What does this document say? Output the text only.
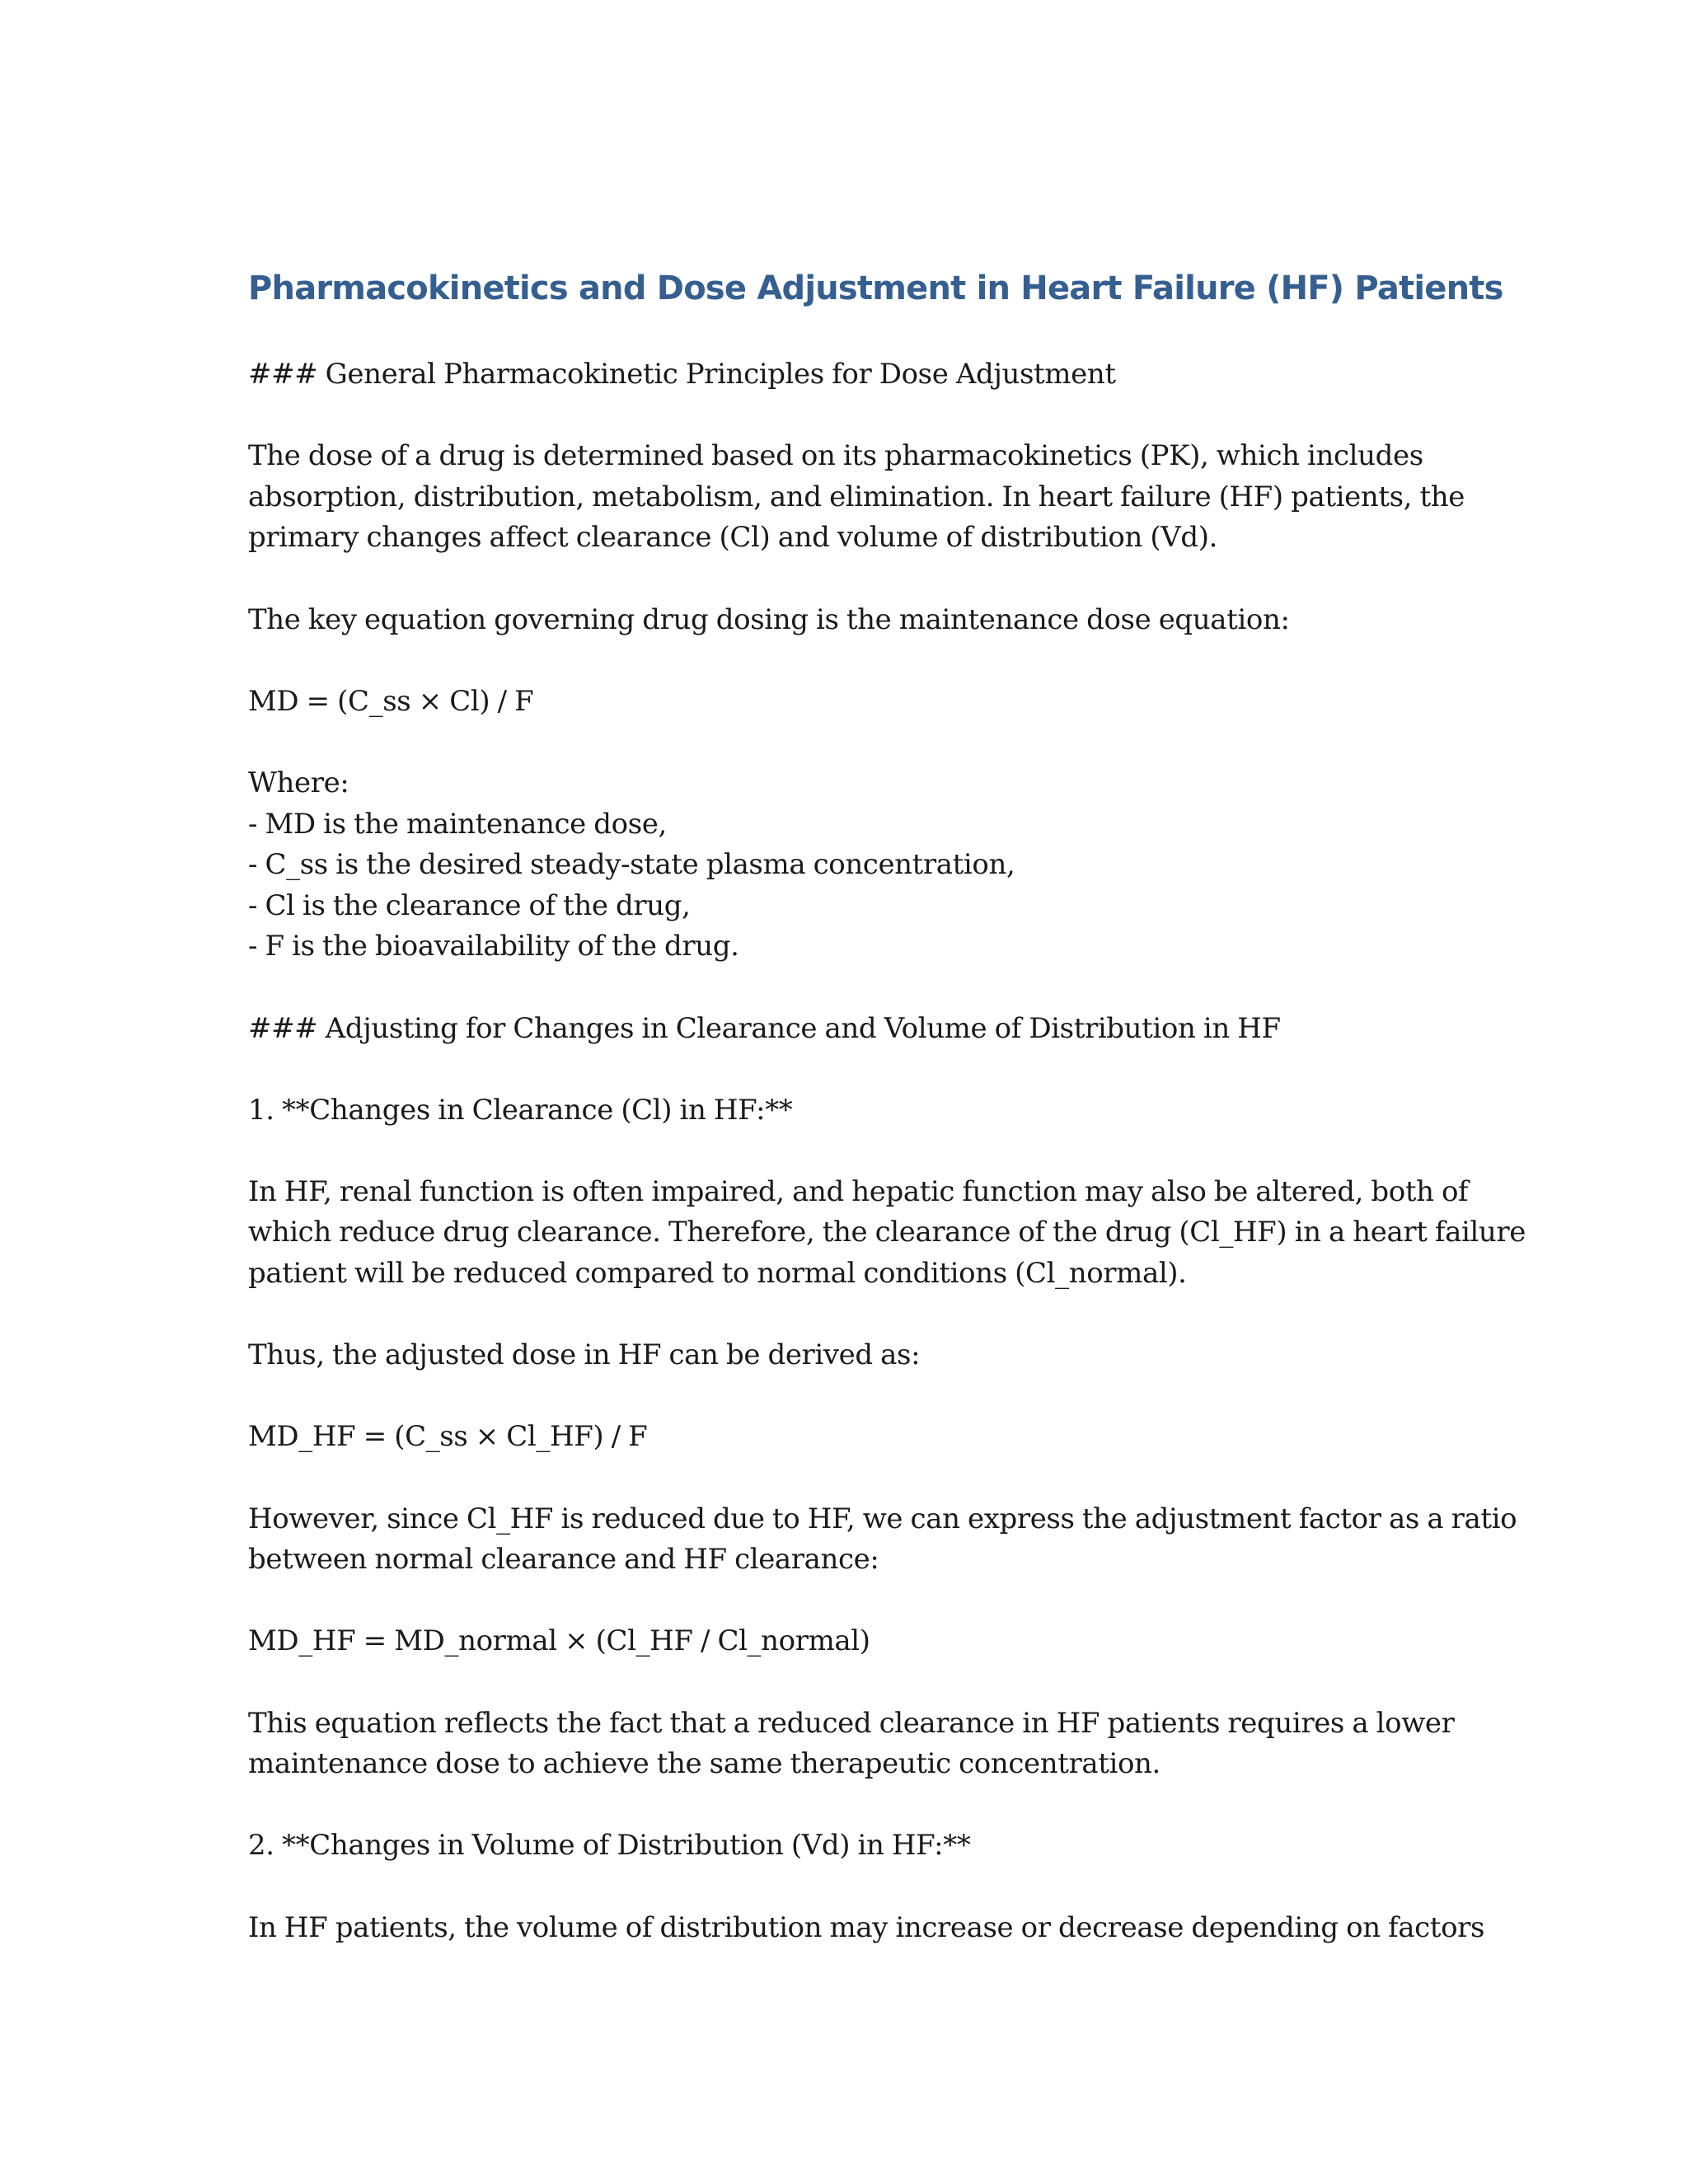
Pharmacokinetics and Dose Adjustment in Heart Failure (HF) Patients
### General Pharmacokinetic Principles for Dose Adjustment
The dose of a drug is determined based on its pharmacokinetics (PK), which includes
absorption, distribution, metabolism, and elimination. In heart failure (HF) patients, the
primary changes affect clearance (Cl) and volume of distribution (Vd).
The key equation governing drug dosing is the maintenance dose equation:
MD = (C_ss × Cl) / F
Where:
- MD is the maintenance dose,
- C_ss is the desired steady-state plasma concentration,
- Cl is the clearance of the drug,
- F is the bioavailability of the drug.
### Adjusting for Changes in Clearance and Volume of Distribution in HF
1. **Changes in Clearance (Cl) in HF:**
In HF, renal function is often impaired, and hepatic function may also be altered, both of
which reduce drug clearance. Therefore, the clearance of the drug (Cl_HF) in a heart failure
patient will be reduced compared to normal conditions (Cl_normal).
Thus, the adjusted dose in HF can be derived as:
MD_HF = (C_ss × Cl_HF) / F
However, since Cl_HF is reduced due to HF, we can express the adjustment factor as a ratio
between normal clearance and HF clearance:
MD_HF = MD_normal × (Cl_HF / Cl_normal)
This equation reflects the fact that a reduced clearance in HF patients requires a lower
maintenance dose to achieve the same therapeutic concentration.
2. **Changes in Volume of Distribution (Vd) in HF:**
In HF patients, the volume of distribution may increase or decrease depending on factors
